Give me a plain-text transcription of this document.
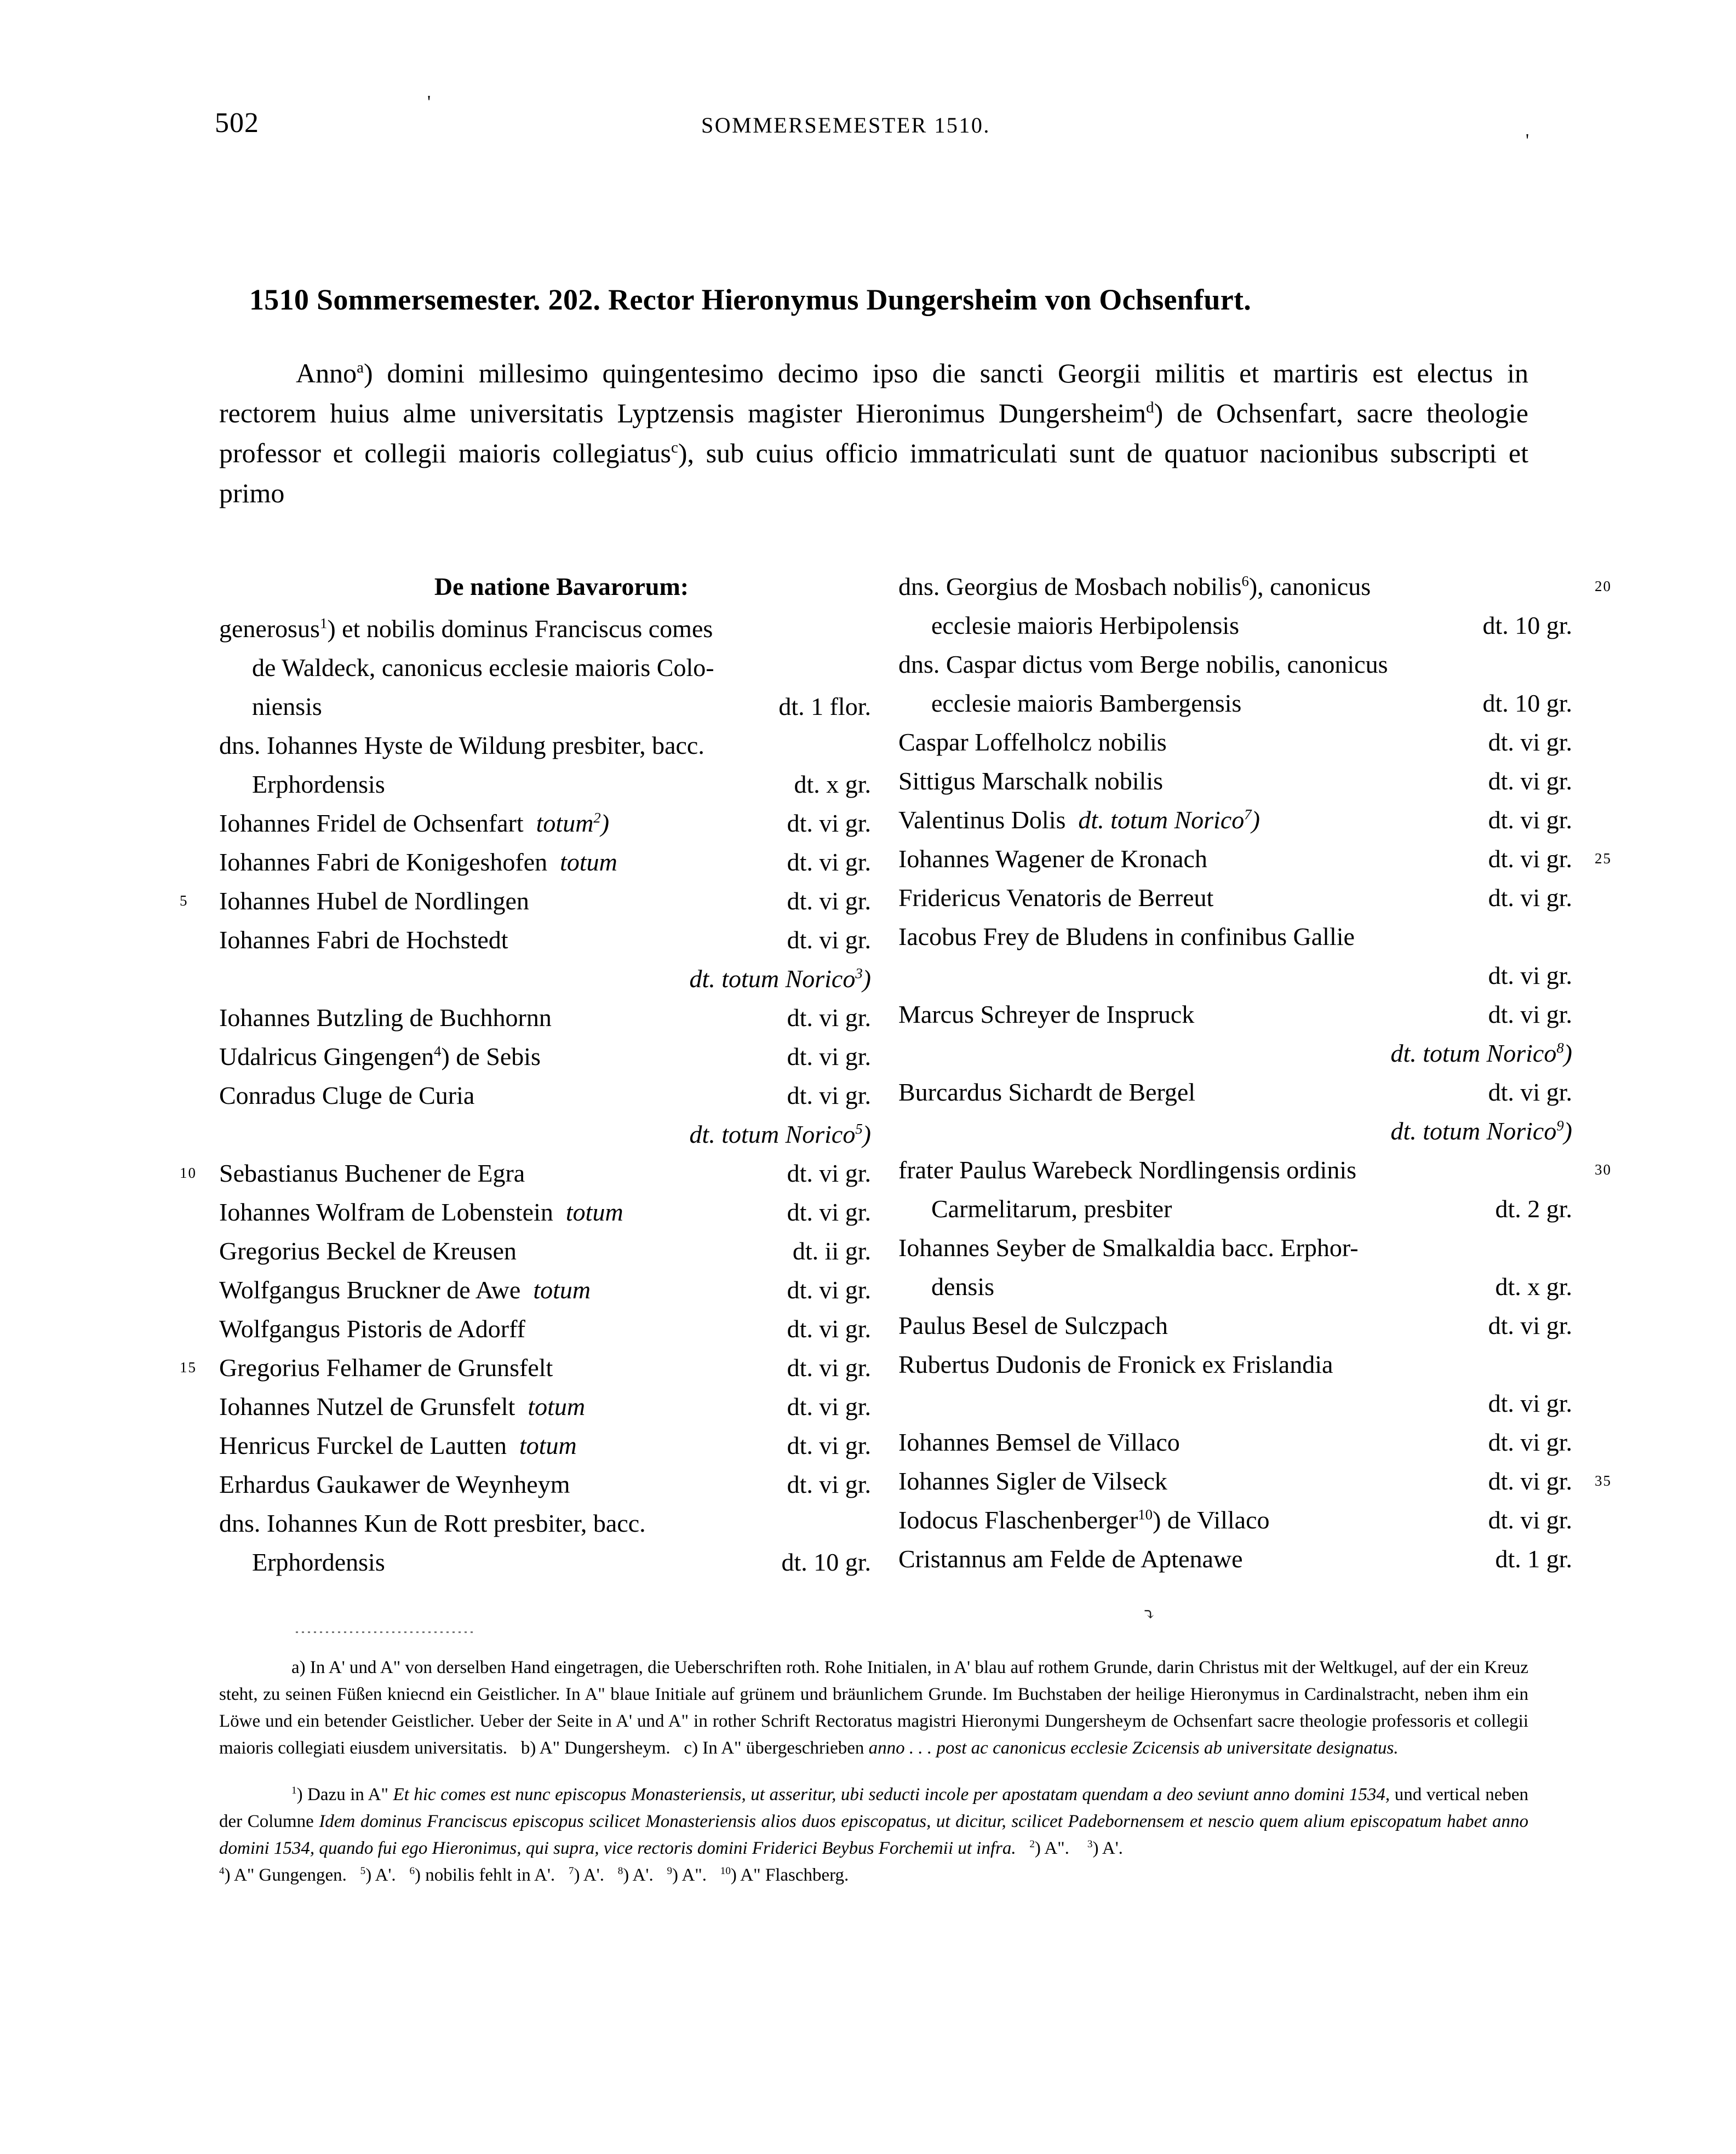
502	SOMMERSEMESTER 1510.
'
'
1510 Sommersemester. 202. Rector Hieronymus Dungersheim von Ochsenfurt.
Anno$^a$) domini millesimo quingentesimo decimo ipso die sancti Georgii militis et martiris est electus in rectorem huius alme universitatis Lyptzensis magister Hieronimus Dungersheim$^d$) de Ochsenfart, sacre theologie professor et collegii maioris collegiatus$^c$), sub cuius officio immatriculati sunt de quatuor nacionibus subscripti et primo
De natione Bavarorum:
generosus$^1$) et nobilis dominus Franciscus comes
de Waldeck, canonicus ecclesie maioris Colo-
niensis	dt. 1 flor.
dns. Iohannes Hyste de Wildung presbiter, bacc.
Erphordensis	dt. x gr.
Iohannes Fridel de Ochsenfart  totum$^2$)	dt. vi gr.
Iohannes Fabri de Konigeshofen  totum	dt. vi gr.
5 Iohannes Hubel de Nordlingen	dt. vi gr.
Iohannes Fabri de Hochstedt	dt. vi gr.
dt. totum Norico$^3$)
Iohannes Butzling de Buchhornn	dt. vi gr.
Udalricus Gingengen$^4$) de Sebis	dt. vi gr.
Conradus Cluge de Curia	dt. vi gr.
dt. totum Norico$^5$)
10 Sebastianus Buchener de Egra	dt. vi gr.
Iohannes Wolfram de Lobenstein  totum	dt. vi gr.
Gregorius Beckel de Kreusen	dt. ii gr.
Wolfgangus Bruckner de Awe  totum	dt. vi gr.
Wolfgangus Pistoris de Adorff	dt. vi gr.
15 Gregorius Felhamer de Grunsfelt	dt. vi gr.
Iohannes Nutzel de Grunsfelt  totum	dt. vi gr.
Henricus Furckel de Lautten  totum	dt. vi gr.
Erhardus Gaukawer de Weynheym	dt. vi gr.
dns. Iohannes Kun de Rott presbiter, bacc.
Erphordensis	dt. 10 gr.
20
dns. Georgius de Mosbach nobilis$^6$), canonicus
ecclesie maioris Herbipolensis	dt. 10 gr.
dns. Caspar dictus vom Berge nobilis, canonicus
ecclesie maioris Bambergensis	dt. 10 gr.
Caspar Loffelholcz nobilis	dt. vi gr.
Sittigus Marschalk nobilis	dt. vi gr.
Valentinus Dolis  dt. totum Norico$^7$)	dt. vi gr.
25
Iohannes Wagener de Kronach	dt. vi gr.
Fridericus Venatoris de Berreut	dt. vi gr.
Iacobus Frey de Bludens in confinibus Gallie
dt. vi gr.
Marcus Schreyer de Inspruck	dt. vi gr.
dt. totum Norico$^8$)
Burcardus Sichardt de Bergel	dt. vi gr.
dt. totum Norico$^9$)
30
frater Paulus Warebeck Nordlingensis ordinis
Carmelitarum, presbiter	dt. 2 gr.
Iohannes Seyber de Smalkaldia bacc. Erphor-
densis	dt. x gr.
Paulus Besel de Sulczpach	dt. vi gr.
Rubertus Dudonis de Fronick ex Frislandia
dt. vi gr.
Iohannes Bemsel de Villaco	dt. vi gr.
35
Iohannes Sigler de Vilseck	dt. vi gr.
Iodocus Flaschenberger$^{10}$) de Villaco	dt. vi gr.
Cristannus am Felde de Aptenawe	dt. 1 gr.
⤵

a) In A' und A" von derselben Hand eingetragen, die Ueberschriften roth. Rohe Initialen, in A' blau auf rothem Grunde, darin Christus mit der Weltkugel, auf der ein Kreuz steht, zu seinen Füßen kniecnd ein Geistlicher. In A" blaue Initiale auf grünem und bräunlichem Grunde. Im Buchstaben der heilige Hieronymus in Cardinalstracht, neben ihm ein Löwe und ein betender Geistlicher. Ueber der Seite in A' und A" in rother Schrift Rectoratus magistri Hieronymi Dungersheym de Ochsenfart sacre theologie professoris et collegii maioris collegiati eiusdem universitatis. b) A" Dungersheym. c) In A" übergeschrieben anno . . . post ac canonicus ecclesie Zcicensis ab universitate designatus.

$^1$) Dazu in A" Et hic comes est nunc episcopus Monasteriensis, ut asseritur, ubi seducti incole per apostatam quendam a deo seviunt anno domini 1534, und vertical neben der Columne Idem dominus Franciscus episcopus scilicet Monasteriensis alios duos episcopatus, ut dicitur, scilicet Padebornensem et nescio quem alium episcopatum habet anno domini 1534, quando fui ego Hieronimus, qui supra, vice rectoris domini Friderici Beybus Forchemii ut infra. $^2$) A". $^3$) A'.
$^4$) A" Gungengen. $^5$) A'. $^6$) nobilis fehlt in A'. $^7$) A'. $^8$) A'. $^9$) A". $^{10}$) A" Flaschberg.
